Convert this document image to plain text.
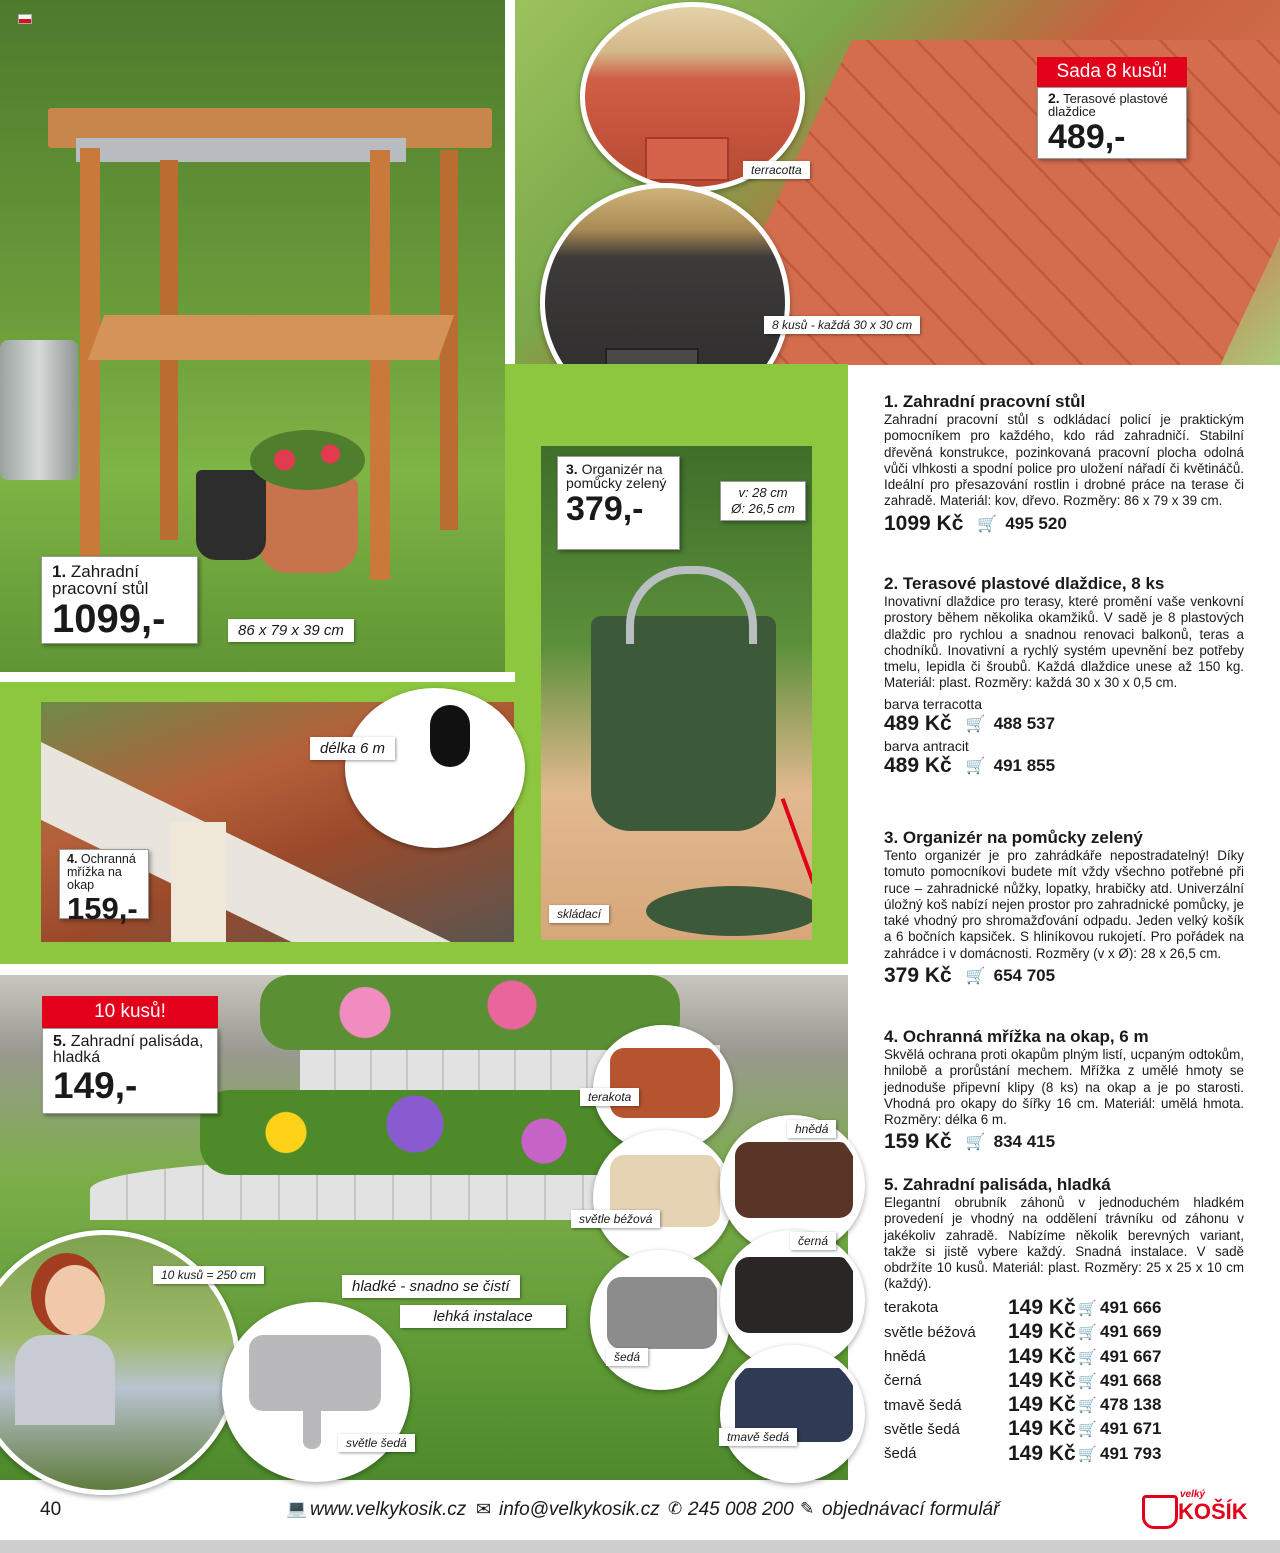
1. Zahradní pracovní stůl
1099,-	86 x 79 x 39 cm
Sada 8 kusů!
2. Terasové plastové dlaždice
489,-
terracotta
8 kusů - každá 30 x 30 cm
3. Organizér na pomůcky zelený
379,-	v: 28 cm
Ø: 26,5 cm
skládací
délka 6 m
4. Ochranná mřížka na okap
159,-
10 kusů!
5. Zahradní palisáda, hladká
149,-
10 kusů = 250 cm
hladké - snadno se čistí
lehká instalace
světle šedá
terakota
světle béžová
šedá
hnědá
černá
tmavě šedá
1. Zahradní pracovní stůl

Zahradní pracovní stůl s odkládací policí je praktickým pomocníkem pro každého, kdo rád zahradničí. Stabilní dřevěná konstrukce, pozinkovaná pracovní plocha odolná vůči vlhkosti a spodní police pro uložení nářadí či květináčů. Ideální pro přesazování rostlin i drobné práce na terase či zahradě. Materiál: kov, dřevo. Rozměry: 86 x 79 x 39 cm.

1099 Kč 🛒 495 520
2. Terasové plastové dlaždice, 8 ks

Inovativní dlaždice pro terasy, které promění vaše venkovní prostory během několika okamžiků. V sadě je 8 plastových dlaždic pro rychlou a snadnou renovaci balkonů, teras a chodníků. Inovativní a rychlý systém upevnění bez potřeby tmelu, lepidla či šroubů. Každá dlaždice unese až 150 kg. Materiál: plast. Rozměry: každá 30 x 30 x 0,5 cm.

barva terracotta
489 Kč 🛒 488 537
barva antracit
489 Kč 🛒 491 855
3. Organizér na pomůcky zelený

Tento organizér je pro zahrádkáře nepostradatelný! Díky tomuto pomocníkovi budete mít vždy všechno potřebné při ruce – zahradnické nůžky, lopatky, hrabičky atd. Univerzální úložný koš nabízí nejen prostor pro zahradnické pomůcky, je také vhodný pro shromažďování odpadu. Jeden velký košík a 6 bočních kapsiček. S hliníkovou rukojetí. Pro pořádek na zahrádce i v domácnosti. Rozměry (v x Ø): 28 x 26,5 cm.

379 Kč 🛒 654 705
4. Ochranná mřížka na okap, 6 m

Skvělá ochrana proti okapům plným listí, ucpaným odtokům, hnilobě a prorůstání mechem. Mřížka z umělé hmoty se jednoduše připevní klipy (8 ks) na okap a je po starosti. Vhodná pro okapy do šířky 16 cm. Materiál: umělá hmota. Rozměry: délka 6 m.

159 Kč 🛒 834 415
5. Zahradní palisáda, hladká

Elegantní obrubník záhonů v jednoduchém hladkém provedení je vhodný na oddělení trávníku od záhonu v jakékoliv zahradě. Nabízíme několik berevných variant, takže si jistě vybere každý. Snadná instalace. V sadě obdržíte 10 kusů. Materiál: plast. Rozměry: 25 x 25 x 10 cm (každý).

terakota	149 Kč 🛒 491 666
světle béžová	149 Kč 🛒 491 669
hnědá	149 Kč 🛒 491 667
černá	149 Kč 🛒 491 668
tmavě šedá	149 Kč 🛒 478 138
světle šedá	149 Kč 🛒 491 671
šedá	149 Kč 🛒 491 793
40	💻 www.velkykosik.cz ✉ info@velkykosik.cz ✆ 245 008 200 ✎ objednávací formulář
velký
KOŠÍK
